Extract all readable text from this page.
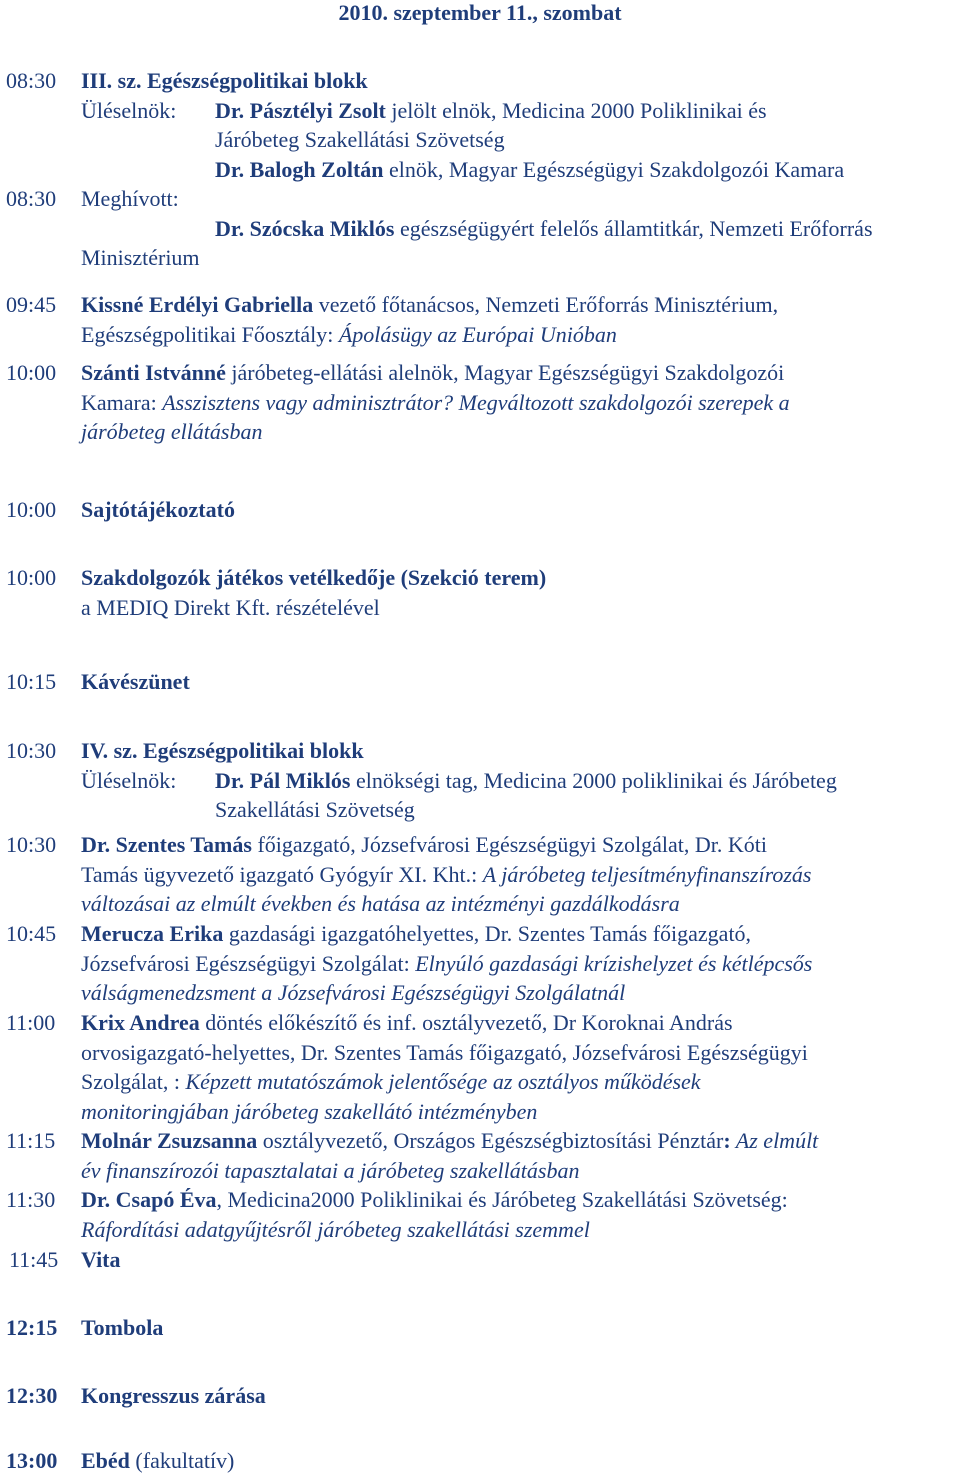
2010. szeptember 11., szombat
08:30	III. sz. Egészségpolitikai blokk
Üléselnök: Dr. Pásztélyi Zsolt jelölt elnök, Medicina 2000 Poliklinikai és
Járóbeteg Szakellátási Szövetség
Dr. Balogh Zoltán elnök, Magyar Egészségügyi Szakdolgozói Kamara
08:30	Meghívott:
Dr. Szócska Miklós egészségügyért felelős államtitkár, Nemzeti Erőforrás
Minisztérium
09:45	Kissné Erdélyi Gabriella vezető főtanácsos, Nemzeti Erőforrás Minisztérium,
Egészségpolitikai Főosztály: Ápolásügy az Európai Unióban
10:00	Szánti Istvánné járóbeteg-ellátási alelnök, Magyar Egészségügyi Szakdolgozói
Kamara: Asszisztens vagy adminisztrátor? Megváltozott szakdolgozói szerepek a
járóbeteg ellátásban
10:00	Sajtótájékoztató
10:00	Szakdolgozók játékos vetélkedője (Szekció terem)
a MEDIQ Direkt Kft. részételével
10:15	Kávészünet
10:30	IV. sz. Egészségpolitikai blokk
Üléselnök: Dr. Pál Miklós elnökségi tag, Medicina 2000 poliklinikai és Járóbeteg
Szakellátási Szövetség
10:30	Dr. Szentes Tamás főigazgató, Józsefvárosi Egészségügyi Szolgálat, Dr. Kóti
Tamás ügyvezető igazgató Gyógyír XI. Kht.: A járóbeteg teljesítményfinanszírozás
változásai az elmúlt években és hatása az intézményi gazdálkodásra
10:45	Merucza Erika gazdasági igazgatóhelyettes, Dr. Szentes Tamás főigazgató,
Józsefvárosi Egészségügyi Szolgálat: Elnyúló gazdasági krízishelyzet és kétlépcsős
válságmenedzsment a Józsefvárosi Egészségügyi Szolgálatnál
11:00	Krix Andrea döntés előkészítő és inf. osztályvezető, Dr Koroknai András
orvosigazgató-helyettes, Dr. Szentes Tamás főigazgató, Józsefvárosi Egészségügyi
Szolgálat, : Képzett mutatószámok jelentősége az osztályos működések
monitoringjában járóbeteg szakellátó intézményben
11:15	Molnár Zsuzsanna osztályvezető, Országos Egészségbiztosítási Pénztár: Az elmúlt
év finanszírozói tapasztalatai a járóbeteg szakellátásban
11:30	Dr. Csapó Éva, Medicina2000 Poliklinikai és Járóbeteg Szakellátási Szövetség:
Ráfordítási adatgyűjtésről járóbeteg szakellátási szemmel
11:45	Vita
12:15	Tombola
12:30	Kongresszus zárása
13:00	Ebéd (fakultatív)
